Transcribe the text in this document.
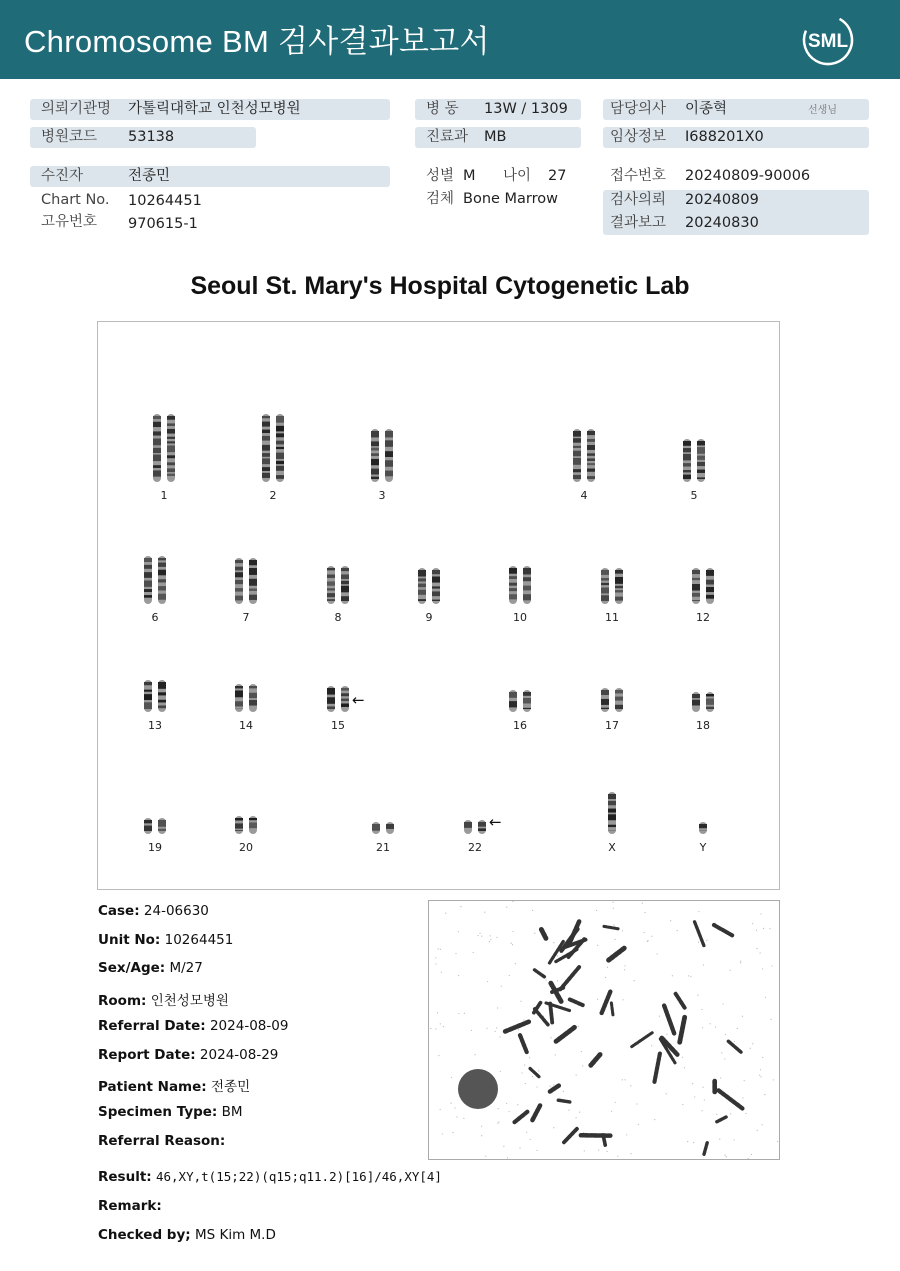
Chromosome BM 검사결과보고서	SML
의뢰기관명 가톨릭대학교 인천성모병원
병원코드 53138
병 동 13W / 1309
진료과 MB
담당의사 이종혁	선생님
임상정보 I688201X0
수진자	전종민
Chart No. 10264451
고유번호 970615-1
성별 M 나이 27
검체 Bone Marrow
접수번호 20240809-90006
검사의뢰 20240809
결과보고 20240830
Seoul St. Mary's Hospital Cytogenetic Lab
1	2	3	4	5
6	7	8	9	10	11	12
13	14	15
←
16	17	18
19	20	21	22
←
X	Y
Case: 24-06630
Unit No: 10264451
Sex/Age: M/27
Room: 인천성모병원
Referral Date: 2024-08-09
Report Date: 2024-08-29
Patient Name: 전종민
Specimen Type: BM
Referral Reason:
Result: 46,XY,t(15;22)(q15;q11.2)[16]/46,XY[4]
Remark:
Checked by; MS Kim M.D
